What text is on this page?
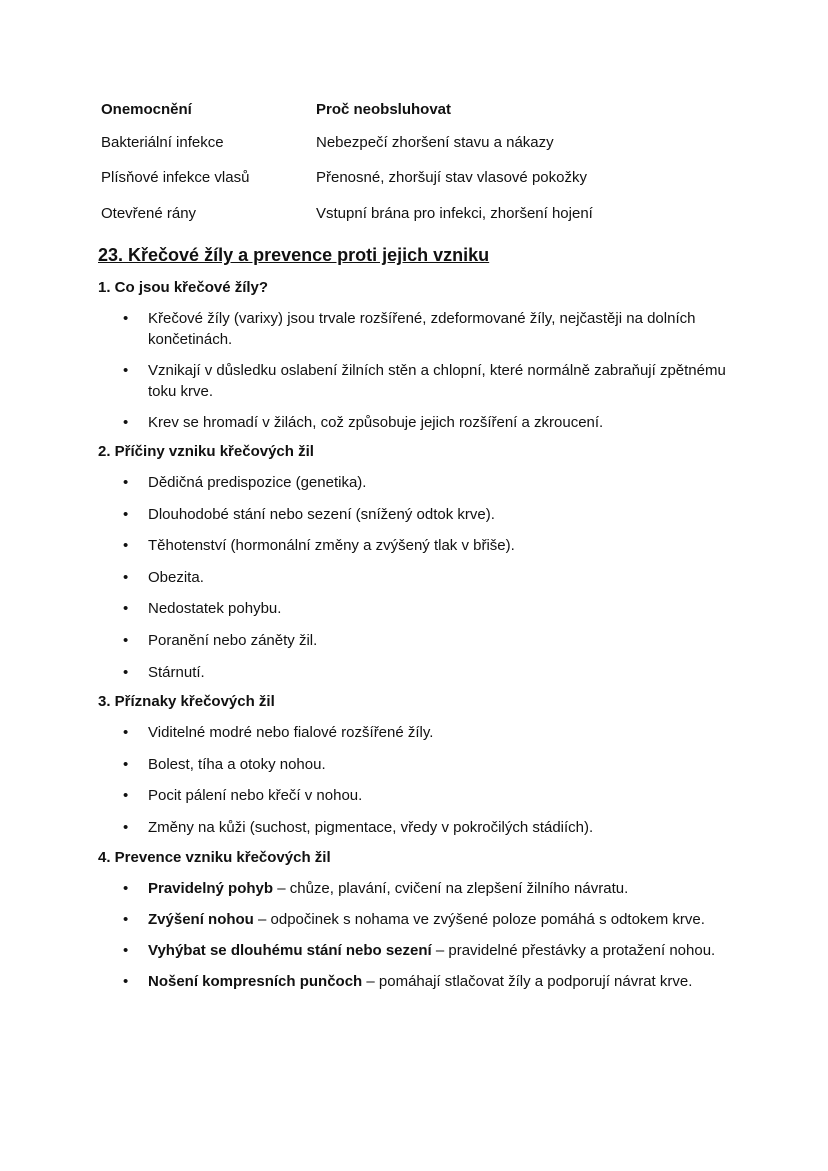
Onemocnění	Proč neobsluhovat
Bakteriální infekce	Nebezpečí zhoršení stavu a nákazy
Plísňové infekce vlasů	Přenosné, zhoršují stav vlasové pokožky
Otevřené rány	Vstupní brána pro infekci, zhoršení hojení
23. Křečové žíly a prevence proti jejich vzniku

1. Co jsou křečové žíly?

• Křečové žíly (varixy) jsou trvale rozšířené, zdeformované žíly, nejčastěji na dolních končetinách.
• Vznikají v důsledku oslabení žilních stěn a chlopní, které normálně zabraňují zpětnému toku krve.
• Krev se hromadí v žilách, což způsobuje jejich rozšíření a zkroucení.

2. Příčiny vzniku křečových žil

• Dědičná predispozice (genetika).
• Dlouhodobé stání nebo sezení (snížený odtok krve).
• Těhotenství (hormonální změny a zvýšený tlak v břiše).
• Obezita.
• Nedostatek pohybu.
• Poranění nebo záněty žil.
• Stárnutí.

3. Příznaky křečových žil

• Viditelné modré nebo fialové rozšířené žíly.
• Bolest, tíha a otoky nohou.
• Pocit pálení nebo křečí v nohou.
• Změny na kůži (suchost, pigmentace, vředy v pokročilých stádiích).

4. Prevence vzniku křečových žil

• Pravidelný pohyb – chůze, plavání, cvičení na zlepšení žilního návratu.
• Zvýšení nohou – odpočinek s nohama ve zvýšené poloze pomáhá s odtokem krve.
• Vyhýbat se dlouhému stání nebo sezení – pravidelné přestávky a protažení nohou.
• Nošení kompresních punčoch – pomáhají stlačovat žíly a podporují návrat krve.
